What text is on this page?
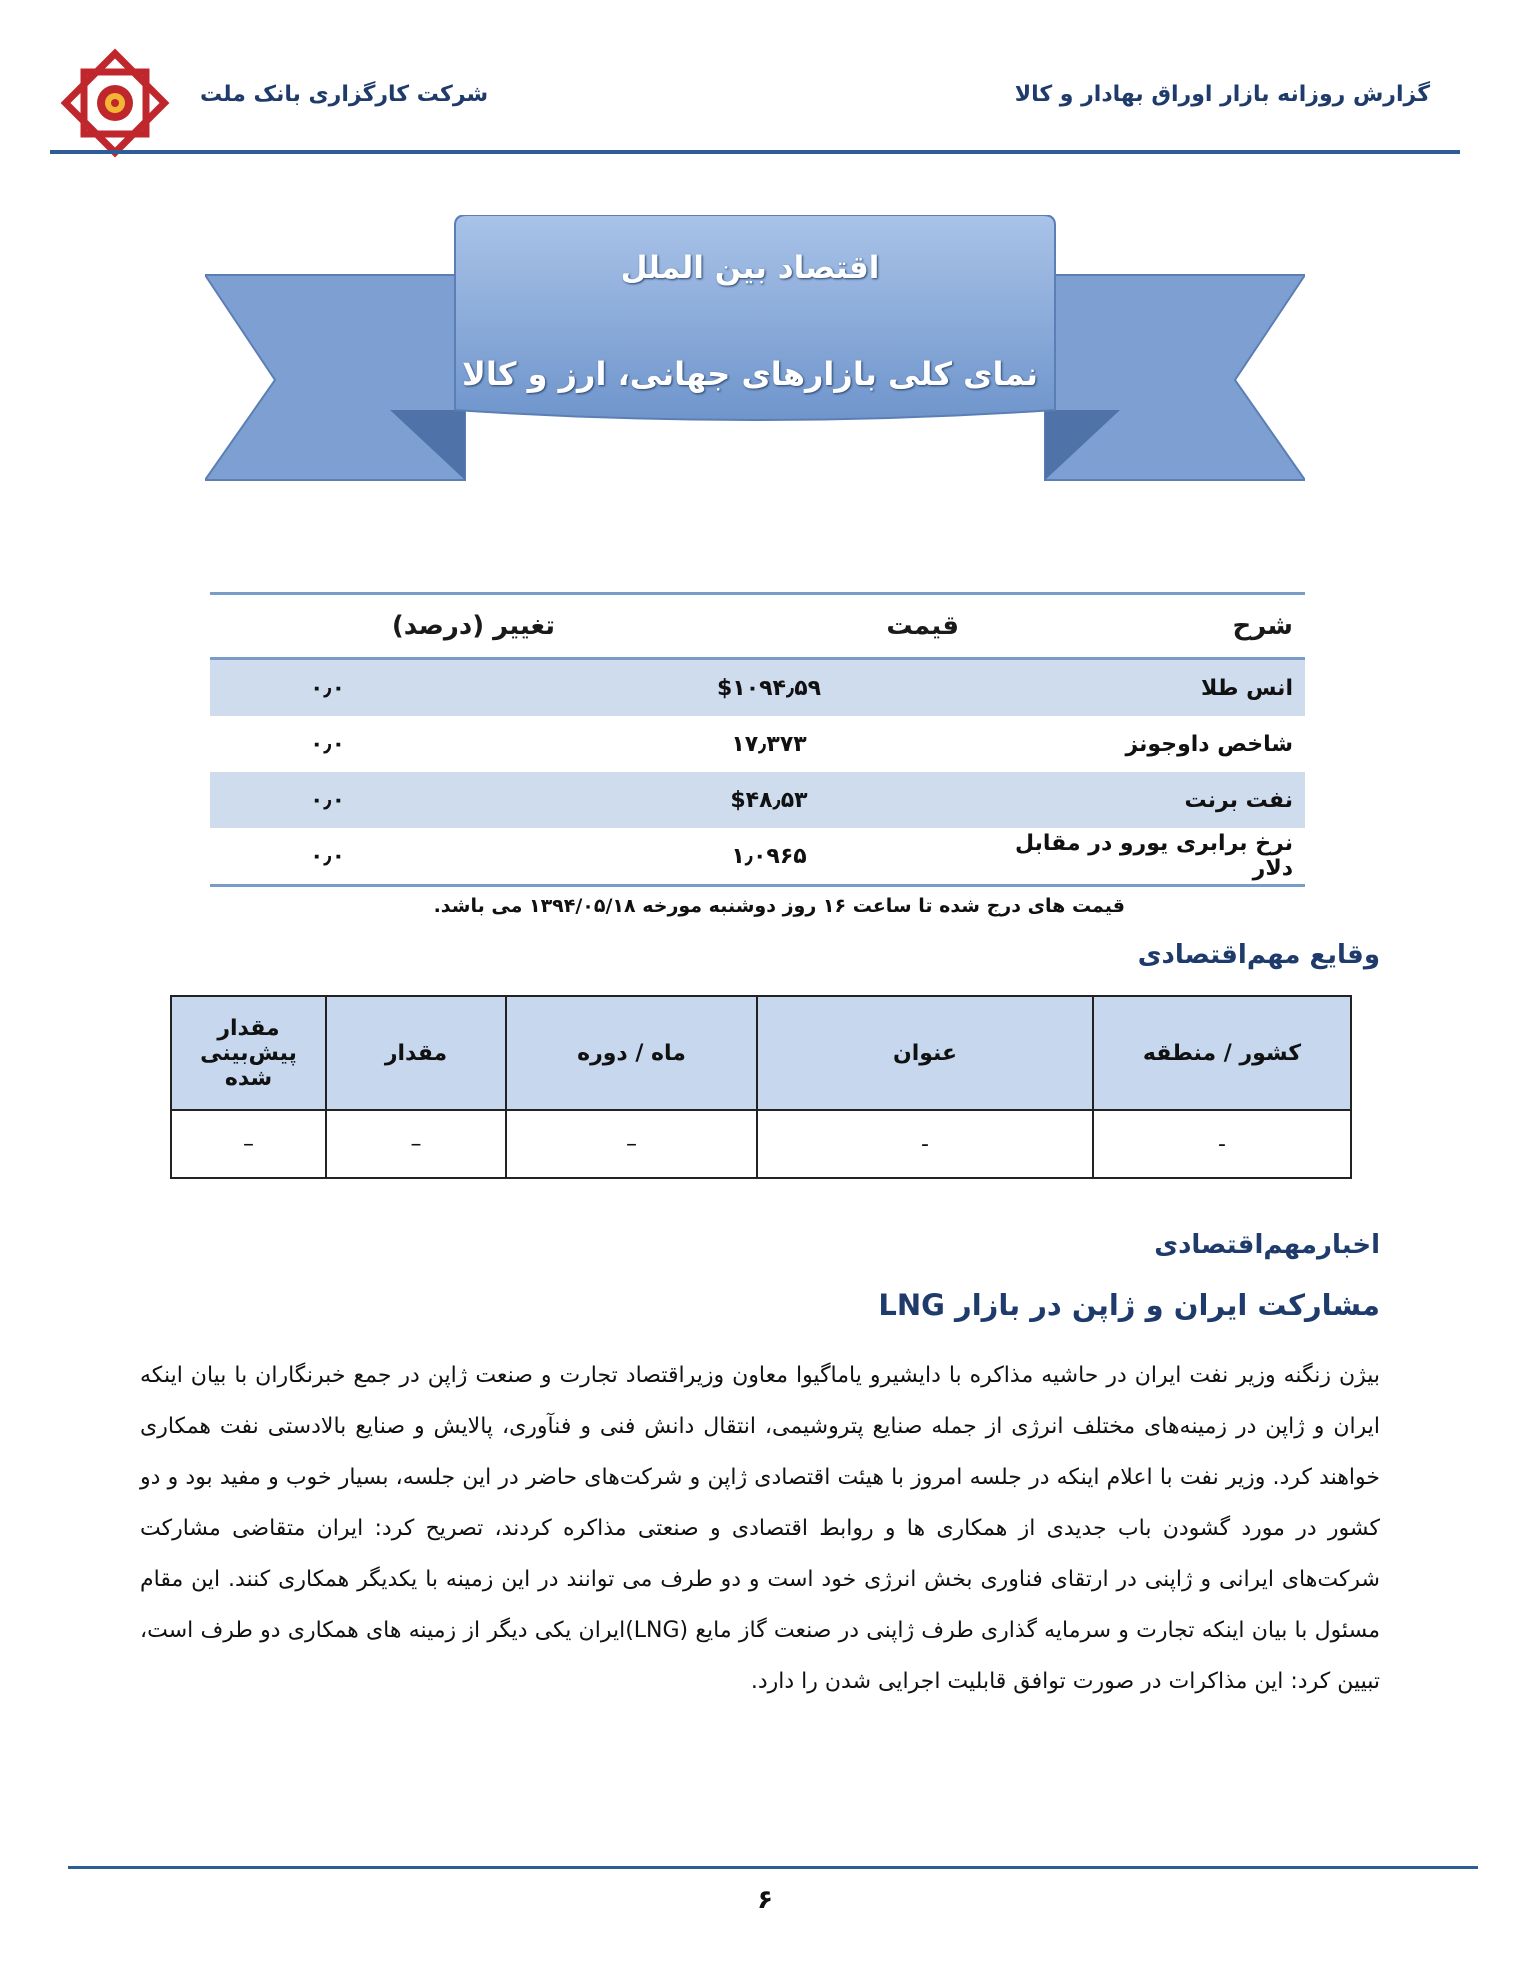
گزارش روزانه بازار اوراق بهادار و کالا
شرکت کارگزاری بانک ملت
اقتصاد بین الملل
نمای کلی بازارهای جهانی، ارز و کالا
شرح	قیمت	تغییر (درصد)
انس طلا	$۱۰۹۴٫۵۹	۰٫۰
شاخص داوجونز	۱۷٫۳۷۳	۰٫۰
نفت برنت	$۴۸٫۵۳	۰٫۰
نرخ برابری یورو در مقابل دلار	۱٫۰۹۶۵	۰٫۰
قیمت های درج شده تا ساعت ۱۶ روز دوشنبه مورخه ۱۳۹۴/۰۵/۱۸ می باشد.
وقایع مهم‌اقتصادی
کشور / منطقه	عنوان	ماه / دوره	مقدار	مقدار پیش‌بینی شده
-	-	–	–	–
اخبارمهم‌اقتصادی
مشارکت ایران و ژاپن در بازار LNG
بیژن زنگنه وزیر نفت ایران در حاشیه مذاکره با دایشیرو یاماگیوا معاون وزیراقتصاد تجارت و صنعت ژاپن در جمع خبرنگاران با بیان اینکه ایران و ژاپن در زمینه‌های مختلف انرژی از جمله صنایع پتروشیمی، انتقال دانش فنی و فنآوری، پالایش و صنایع بالادستی نفت همکاری خواهند کرد. وزیر نفت با اعلام اینکه در جلسه امروز با هیئت اقتصادی ژاپن و شرکت‌های حاضر در این جلسه، بسیار خوب و مفید بود و دو کشور در مورد گشودن باب جدیدی از همکاری ها و روابط اقتصادی و صنعتی مذاکره کردند، تصریح کرد: ایران متقاضی مشارکت شرکت‌های ایرانی و ژاپنی در ارتقای فناوری بخش انرژی خود است و دو طرف می توانند در این زمینه با یکدیگر همکاری کنند. این مقام مسئول با بیان اینکه تجارت و سرمایه گذاری طرف ژاپنی در صنعت گاز مایع (LNG)ایران یکی دیگر از زمینه های همکاری دو طرف است، تبیین کرد: این مذاکرات در صورت توافق قابلیت اجرایی شدن را دارد.
۶
